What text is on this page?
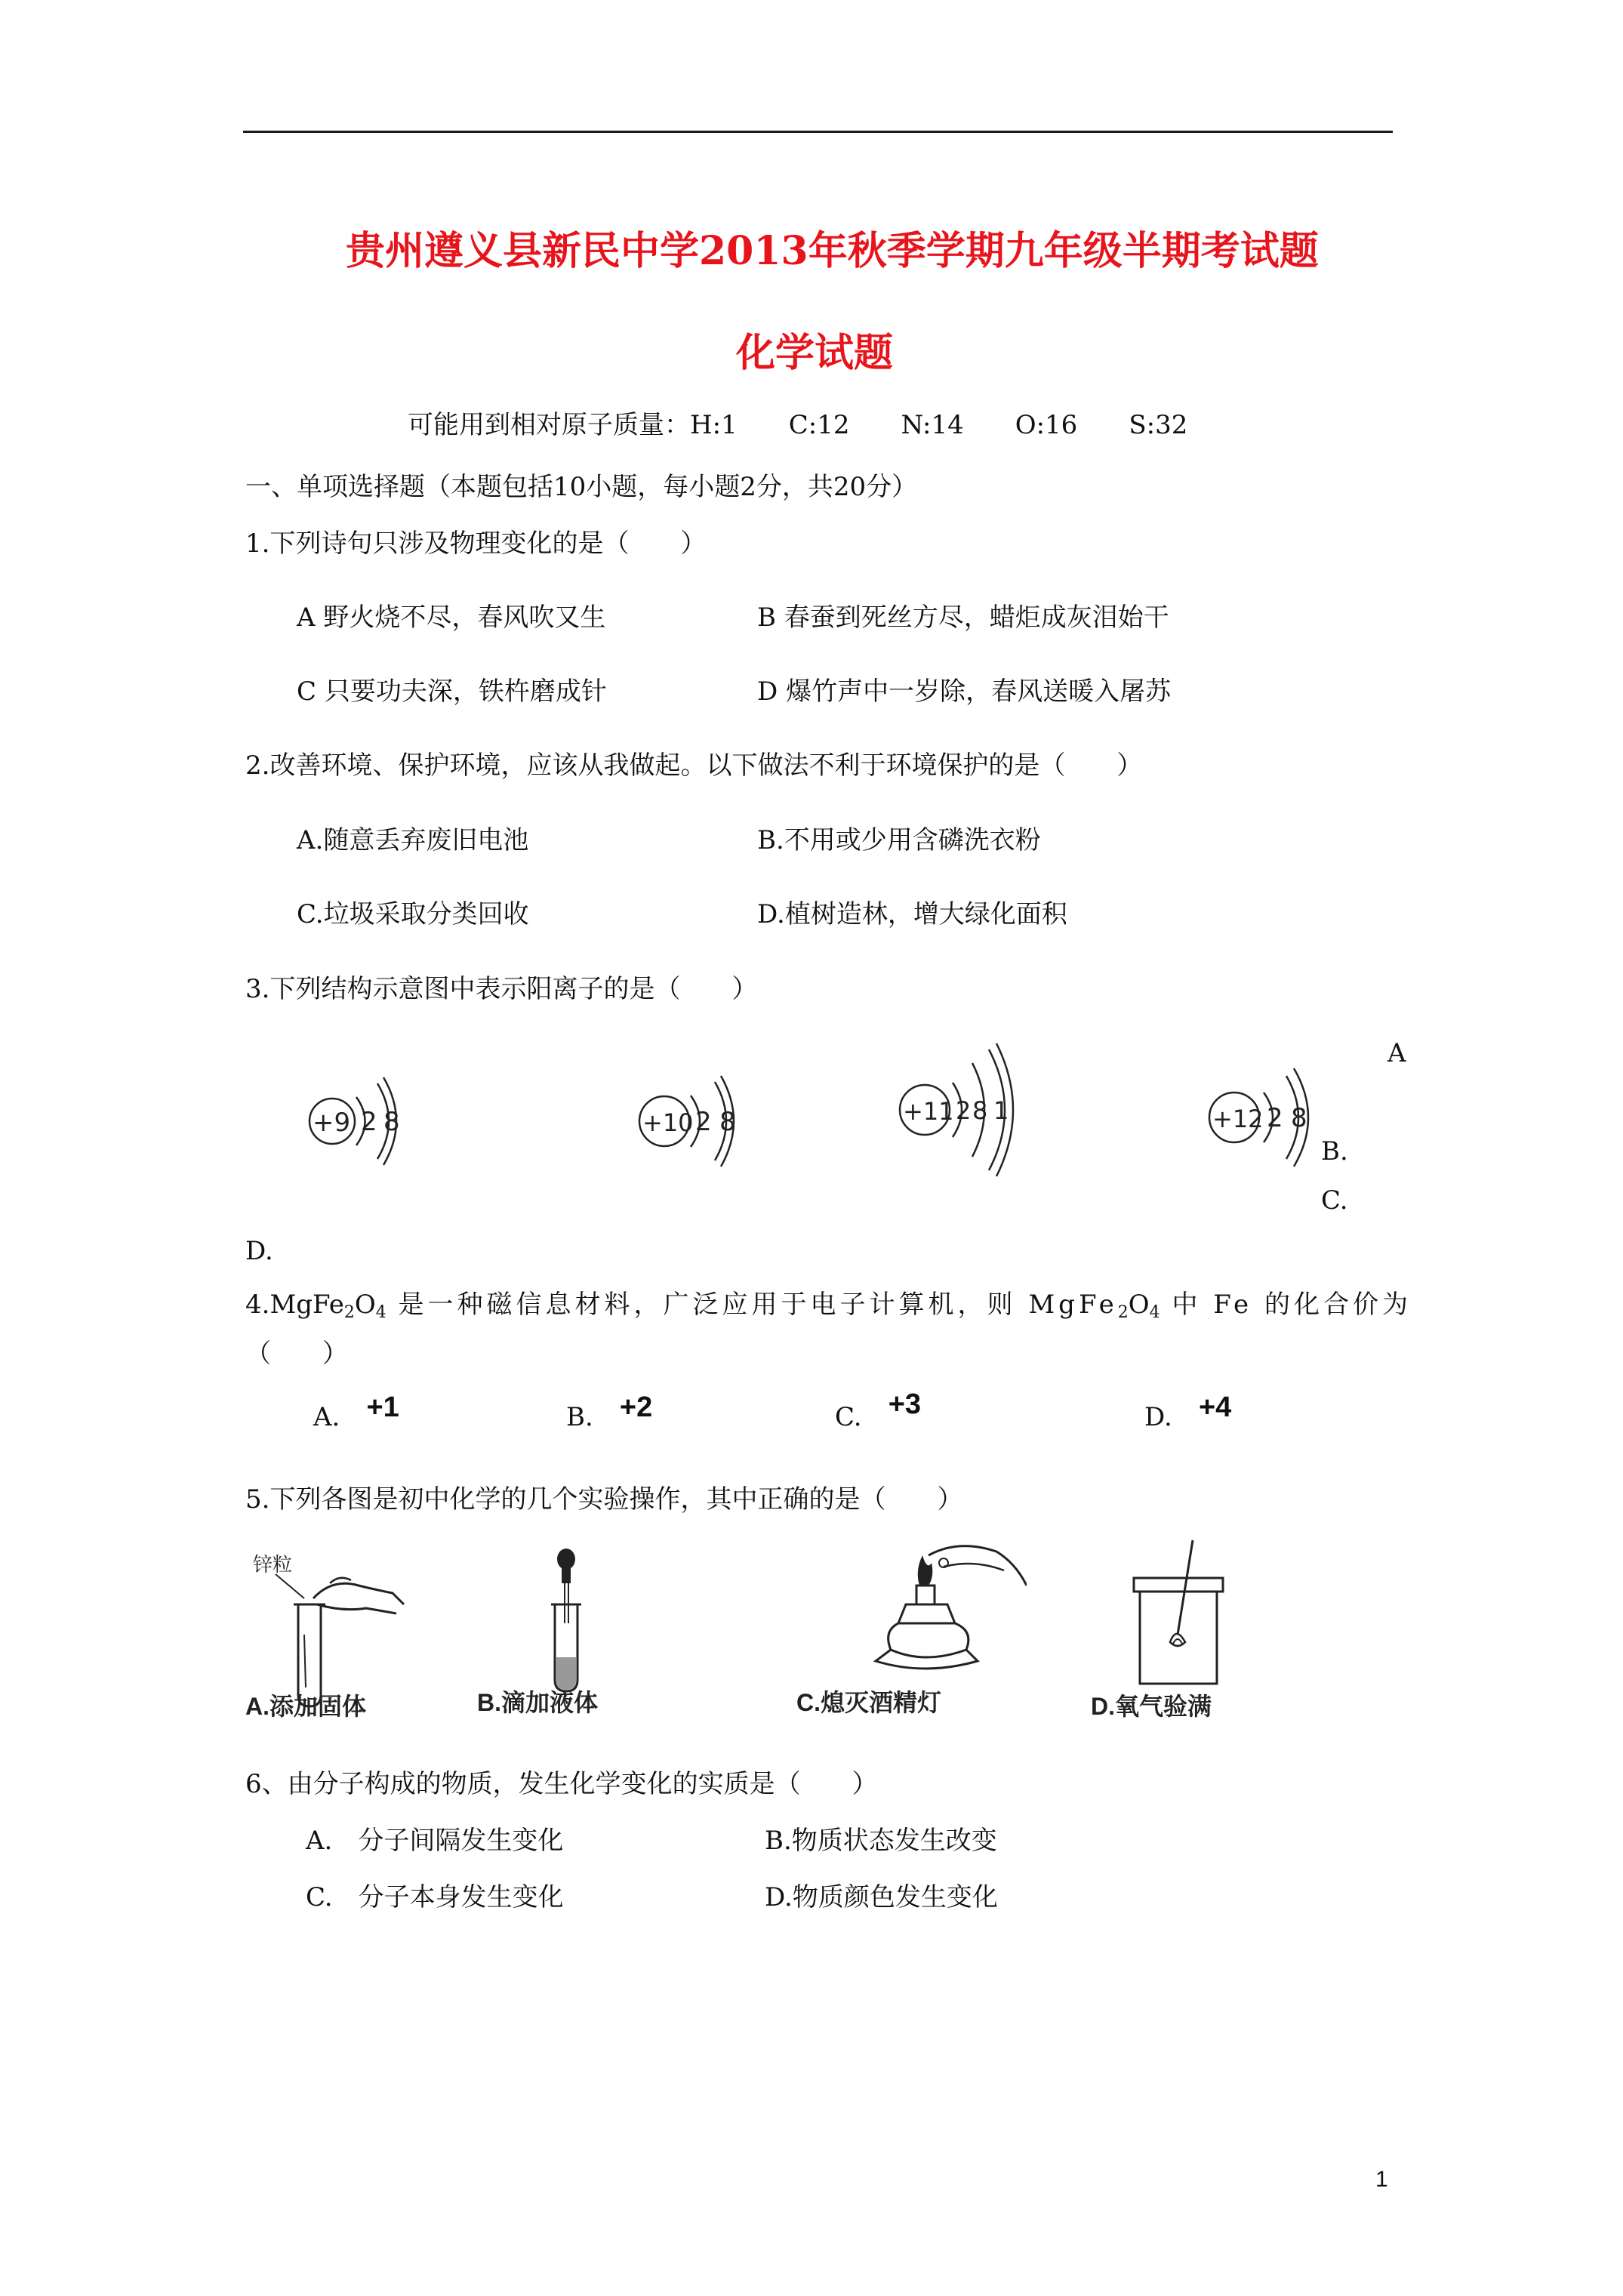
贵州遵义县新民中学2013年秋季学期九年级半期考试题
化学试题
可能用到相对原子质量：H:1　　C:12　　N:14　　O:16　　S:32
一、单项选择题（本题包括10小题，每小题2分，共20分）
1.下列诗句只涉及物理变化的是（　　）
A 野火烧不尽，春风吹又生	B 春蚕到死丝方尽，蜡炬成灰泪始干
C 只要功夫深，铁杵磨成针	D 爆竹声中一岁除，春风送暖入屠苏
2.改善环境、保护环境，应该从我做起。以下做法不利于环境保护的是（　　）
A.随意丢弃废旧电池	B.不用或少用含磷洗衣粉
C.垃圾采取分类回收	D.植树造林，增大绿化面积
3.下列结构示意图中表示阳离子的是（　　）
+9 2 8	+10 2 8	+11 2 8 1	+12 2 8
A
B.
C.
D.
$4.MgFe_2O_4$ 是一种磁信息材料，广泛应用于电子计算机，则 $MgFe_2O_4$ 中 Fe 的化合价为
（　　）
A. +1	B. +2	C. +3	D. +4
5.下列各图是初中化学的几个实验操作，其中正确的是（　　）
锌粒
A.添加固体	B.滴加液体	C.熄灭酒精灯	D.氧气验满
6、由分子构成的物质，发生化学变化的实质是（　　）
A.　分子间隔发生变化	B.物质状态发生改变
C.　分子本身发生变化	D.物质颜色发生变化
1
